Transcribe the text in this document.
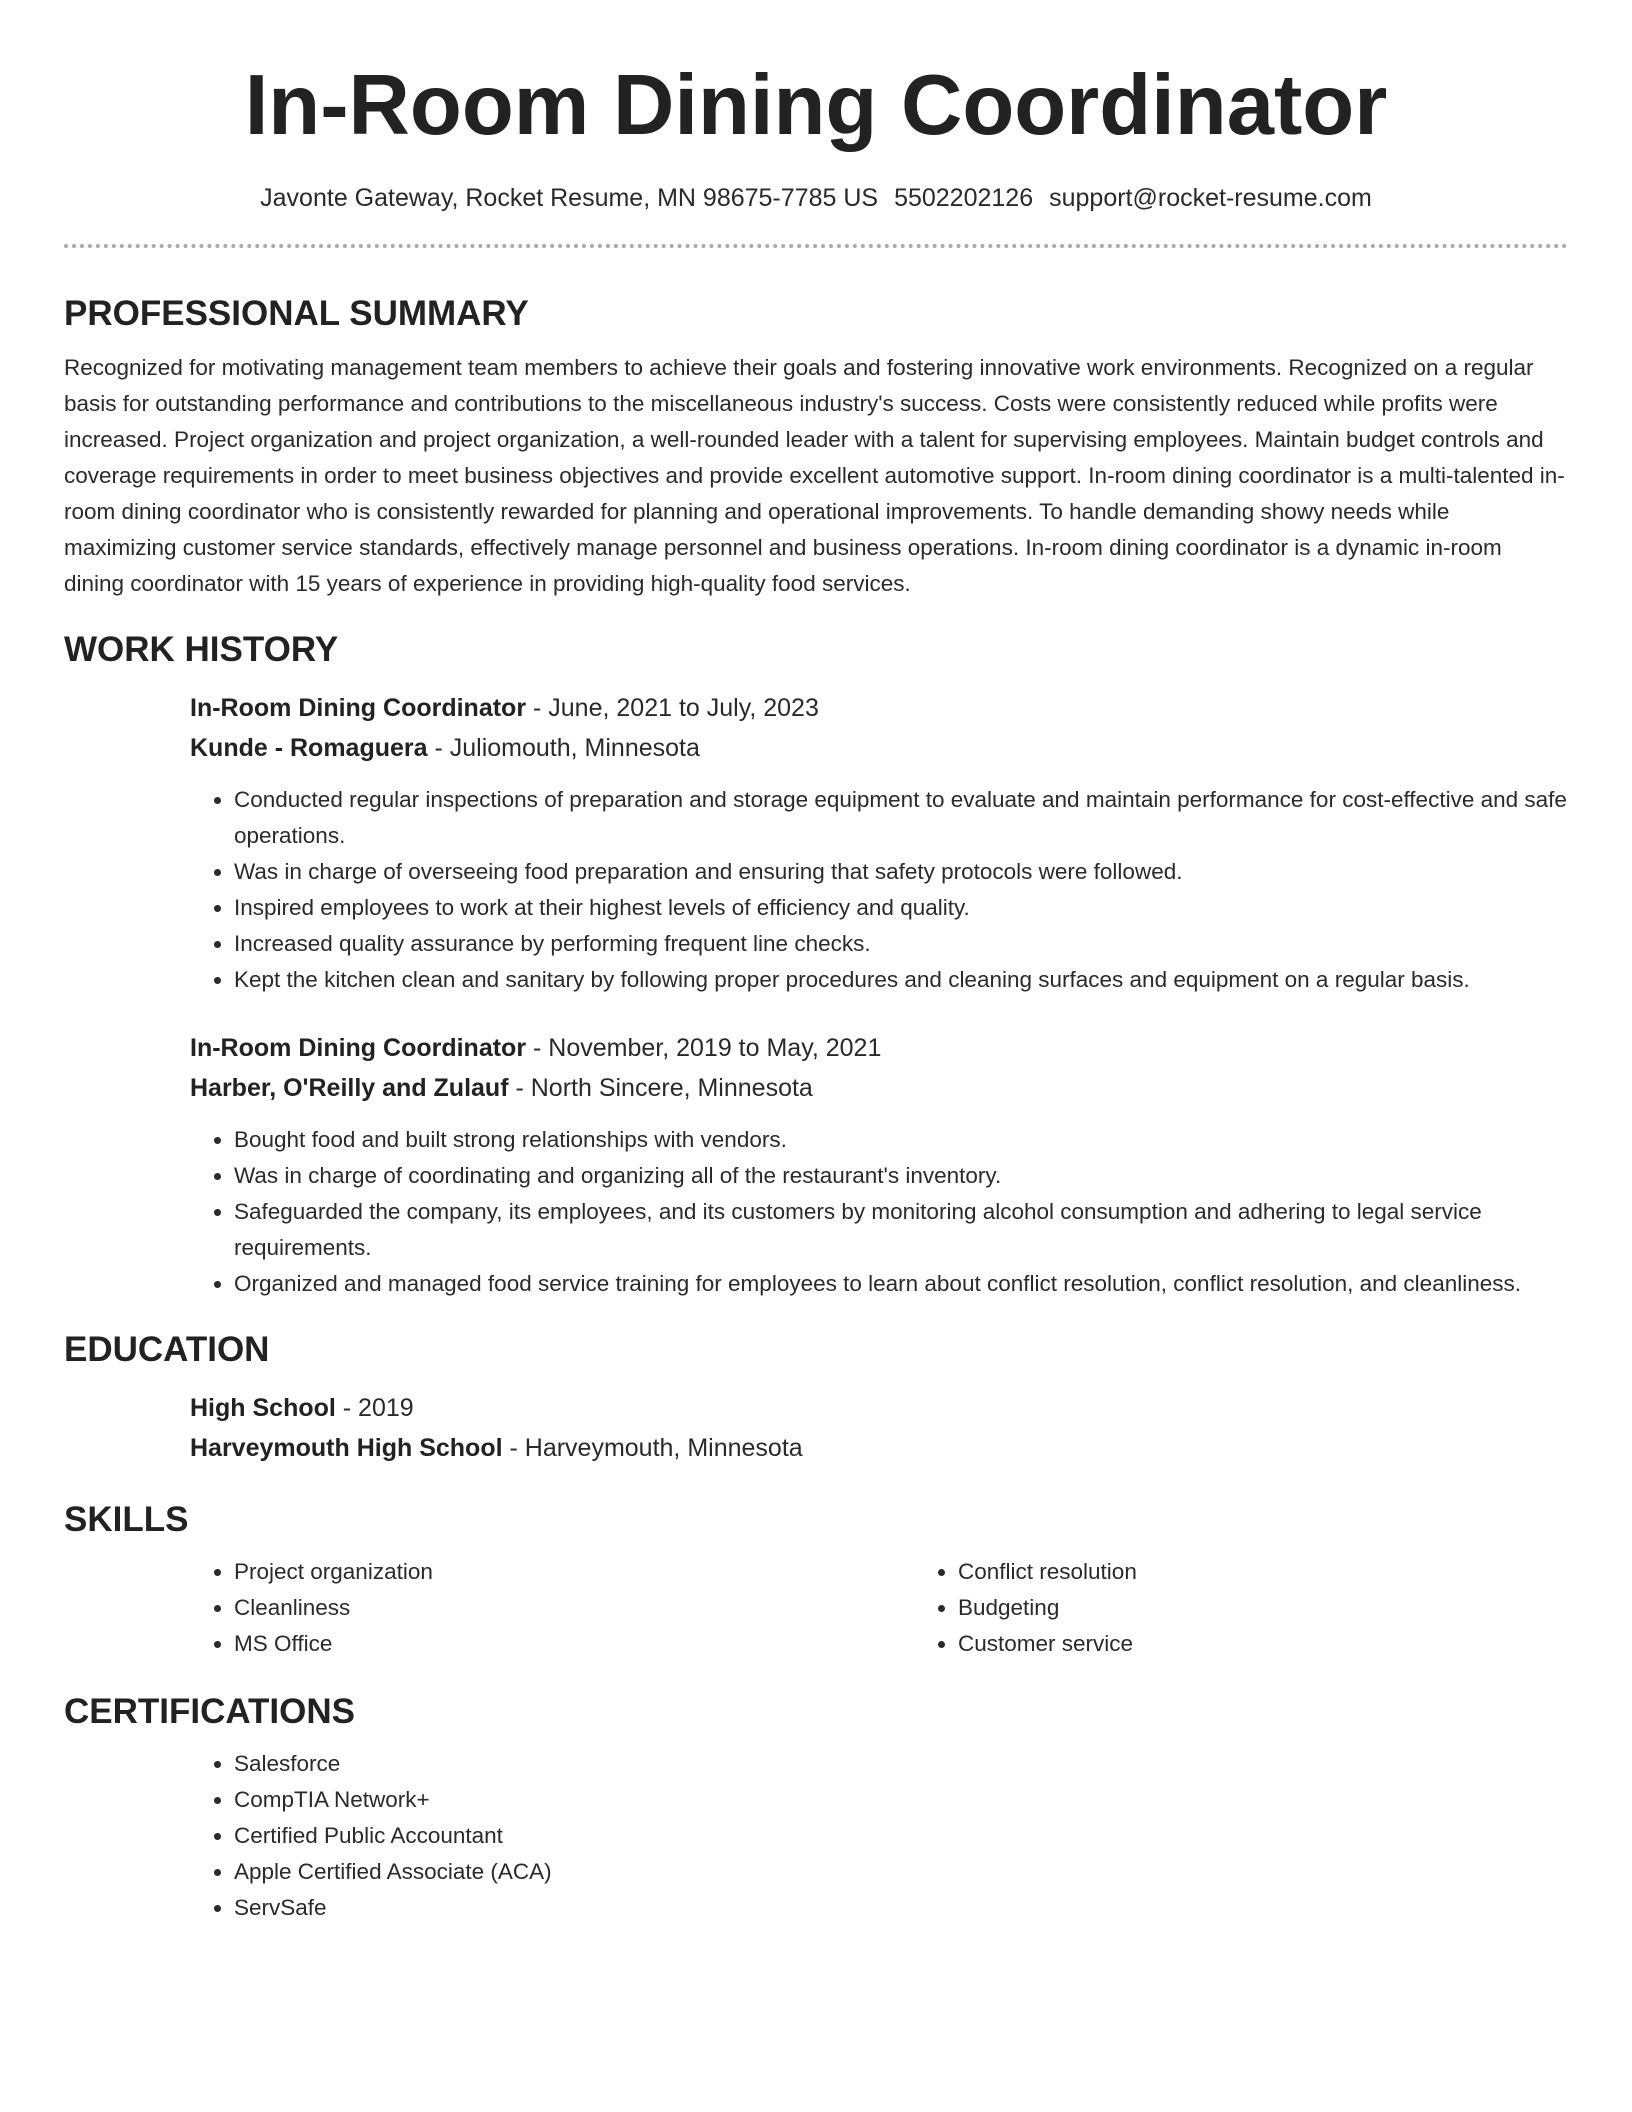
In-Room Dining Coordinator
Javonte Gateway, Rocket Resume, MN 98675-7785 US 5502202126 support@rocket-resume.com
PROFESSIONAL SUMMARY

Recognized for motivating management team members to achieve their goals and fostering innovative work environments. Recognized on a regular basis for outstanding performance and contributions to the miscellaneous industry's success. Costs were consistently reduced while profits were increased. Project organization and project organization, a well-rounded leader with a talent for supervising employees. Maintain budget controls and coverage requirements in order to meet business objectives and provide excellent automotive support. In-room dining coordinator is a multi-talented in-room dining coordinator who is consistently rewarded for planning and operational improvements. To handle demanding showy needs while maximizing customer service standards, effectively manage personnel and business operations. In-room dining coordinator is a dynamic in-room dining coordinator with 15 years of experience in providing high-quality food services.

WORK HISTORY
In-Room Dining Coordinator - June, 2021 to July, 2023
Kunde - Romaguera - Juliomouth, Minnesota
• Conducted regular inspections of preparation and storage equipment to evaluate and maintain performance for cost-effective and safe operations.
• Was in charge of overseeing food preparation and ensuring that safety protocols were followed.
• Inspired employees to work at their highest levels of efficiency and quality.
• Increased quality assurance by performing frequent line checks.
• Kept the kitchen clean and sanitary by following proper procedures and cleaning surfaces and equipment on a regular basis.
In-Room Dining Coordinator - November, 2019 to May, 2021
Harber, O'Reilly and Zulauf - North Sincere, Minnesota
• Bought food and built strong relationships with vendors.
• Was in charge of coordinating and organizing all of the restaurant's inventory.
• Safeguarded the company, its employees, and its customers by monitoring alcohol consumption and adhering to legal service requirements.
• Organized and managed food service training for employees to learn about conflict resolution, conflict resolution, and cleanliness.
EDUCATION
High School - 2019
Harveymouth High School - Harveymouth, Minnesota
SKILLS
• Project organization
• Cleanliness
• MS Office
• Conflict resolution
• Budgeting
• Customer service
CERTIFICATIONS
• Salesforce
• CompTIA Network+
• Certified Public Accountant
• Apple Certified Associate (ACA)
• ServSafe
